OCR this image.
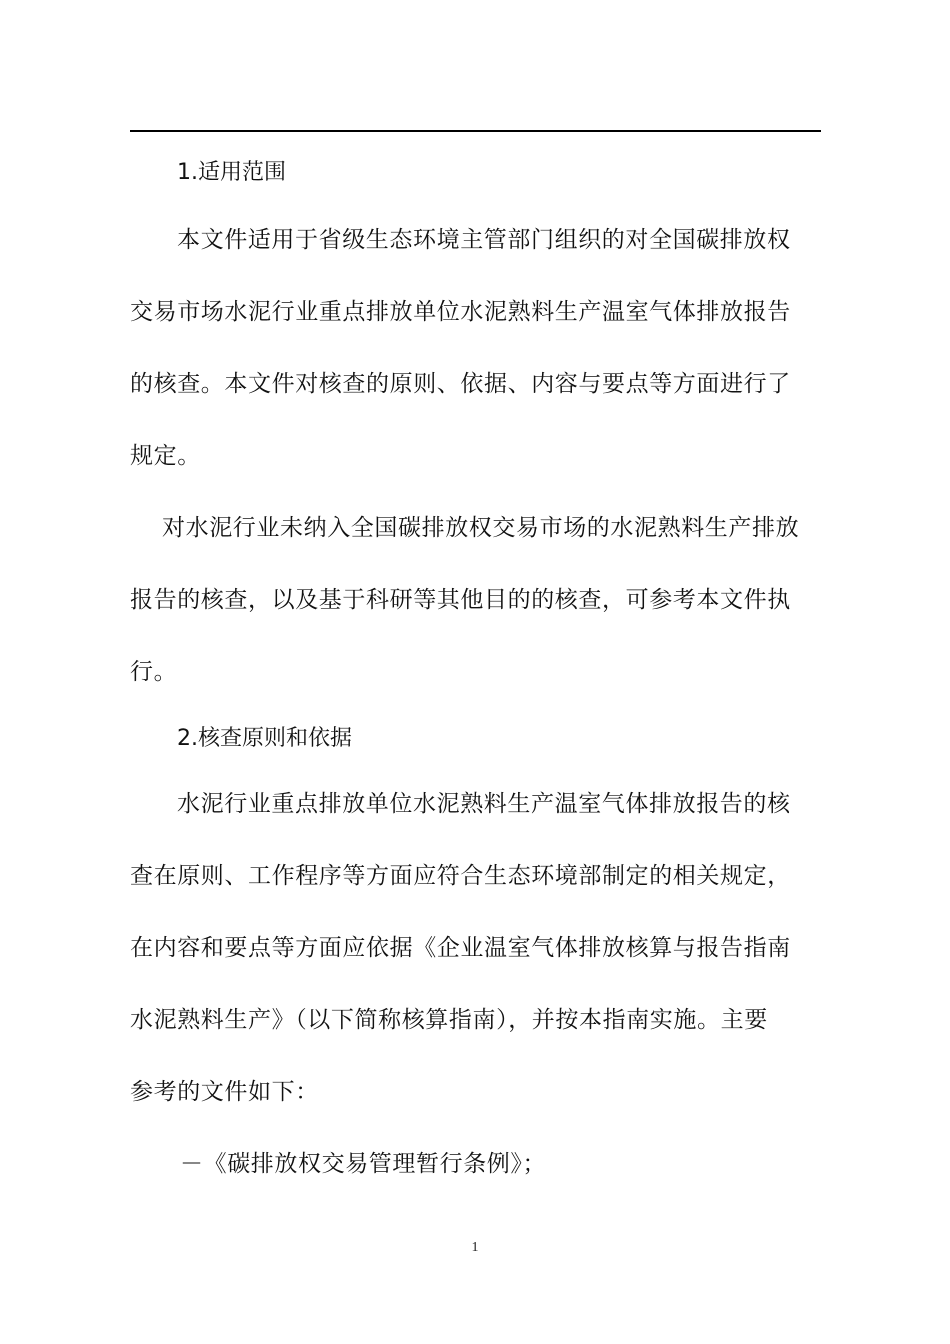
1.适用范围
本文件适用于省级生态环境主管部门组织的对全国碳排放权
交易市场水泥行业重点排放单位水泥熟料生产温室气体排放报告
的核查。本文件对核查的原则、依据、内容与要点等方面进行了
规定。
对水泥行业未纳入全国碳排放权交易市场的水泥熟料生产排放
报告的核查，以及基于科研等其他目的的核查，可参考本文件执
行。
2.核查原则和依据
水泥行业重点排放单位水泥熟料生产温室气体排放报告的核
查在原则、工作程序等方面应符合生态环境部制定的相关规定，
在内容和要点等方面应依据《企业温室气体排放核算与报告指南
水泥熟料生产》（以下简称核算指南），并按本指南实施。主要
参考的文件如下：
－《碳排放权交易管理暂行条例》；
1
